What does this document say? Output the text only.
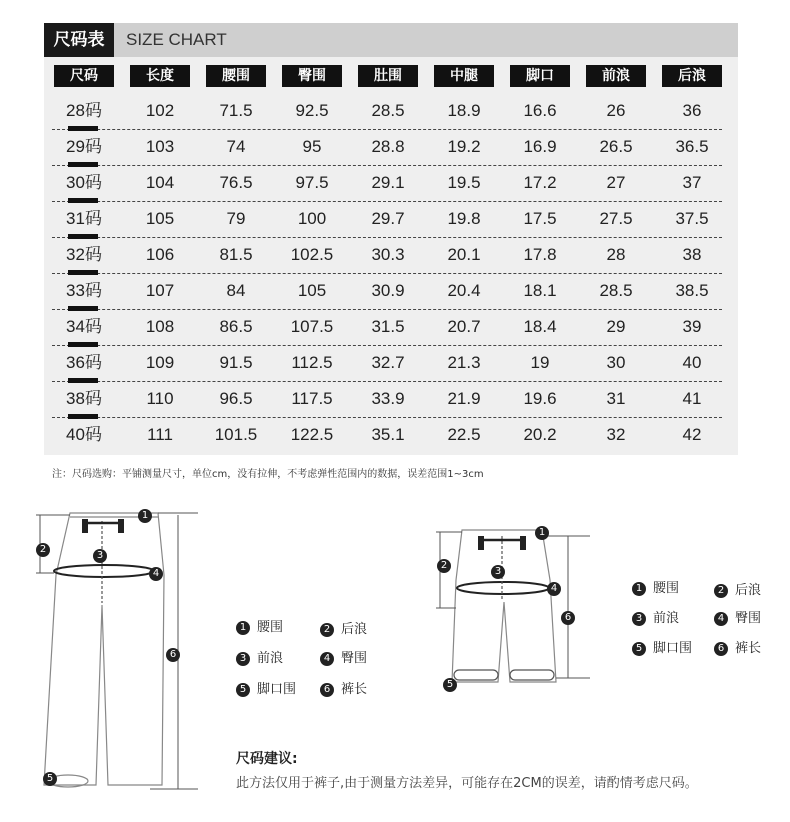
尺码表	SIZE CHART
尺码	长度	腰围	臀围	肚围	中腿	脚口	前浪	后浪
28码	102	71.5	92.5	28.5	18.9	16.6	26	36
29码	103	74	95	28.8	19.2	16.9	26.5	36.5
30码	104	76.5	97.5	29.1	19.5	17.2	27	37
31码	105	79	100	29.7	19.8	17.5	27.5	37.5
32码	106	81.5	102.5	30.3	20.1	17.8	28	38
33码	107	84	105	30.9	20.4	18.1	28.5	38.5
34码	108	86.5	107.5	31.5	20.7	18.4	29	39
36码	109	91.5	112.5	32.7	21.3	19	30	40
38码	110	96.5	117.5	33.9	21.9	19.6	31	41
40码	111	101.5	122.5	35.1	22.5	20.2	32	42
注：尺码选购：平铺测量尺寸，单位cm，没有拉伸，不考虑弹性范围内的数据，误差范围1~3cm
1
2
3
4
5
6
1 腰围	2 后浪
3 前浪	4 臀围
5 脚口围	6 裤长
1
2
3
4
5
6
1 腰围	2 后浪
3 前浪	4 臀围
5 脚口围	6 裤长
尺码建议:
此方法仅用于裤子,由于测量方法差异，可能存在2CM的误差，请酌情考虑尺码。
